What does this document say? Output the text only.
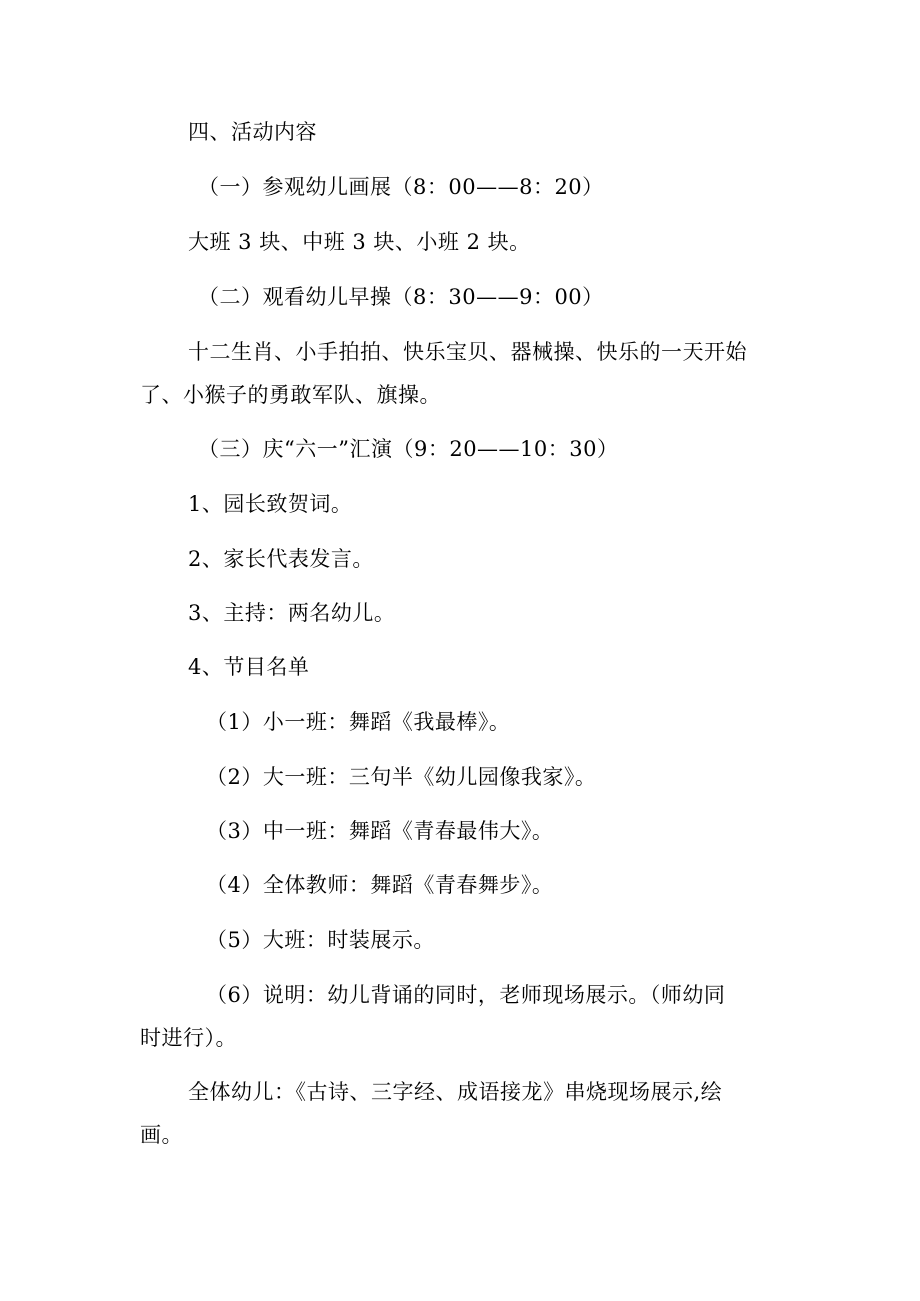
四、活动内容
（一）参观幼儿画展（8：00——8：20）
大班 3 块、中班 3 块、小班 2 块。
（二）观看幼儿早操（8：30——9：00）
十二生肖、小手拍拍、快乐宝贝、器械操、快乐的一天开始
了、小猴子的勇敢军队、旗操。
（三）庆“六一”汇演（9：20——10：30）
1、园长致贺词。
2、家长代表发言。
3、主持：两名幼儿。
4、节目名单
（1）小一班：舞蹈《我最棒》。
（2）大一班：三句半《幼儿园像我家》。
（3）中一班：舞蹈《青春最伟大》。
（4）全体教师：舞蹈《青春舞步》。
（5）大班：时装展示。
（6）说明：幼儿背诵的同时，老师现场展示。（师幼同
时进行）。
全体幼儿：《古诗、三字经、成语接龙》串烧现场展示,绘
画。
